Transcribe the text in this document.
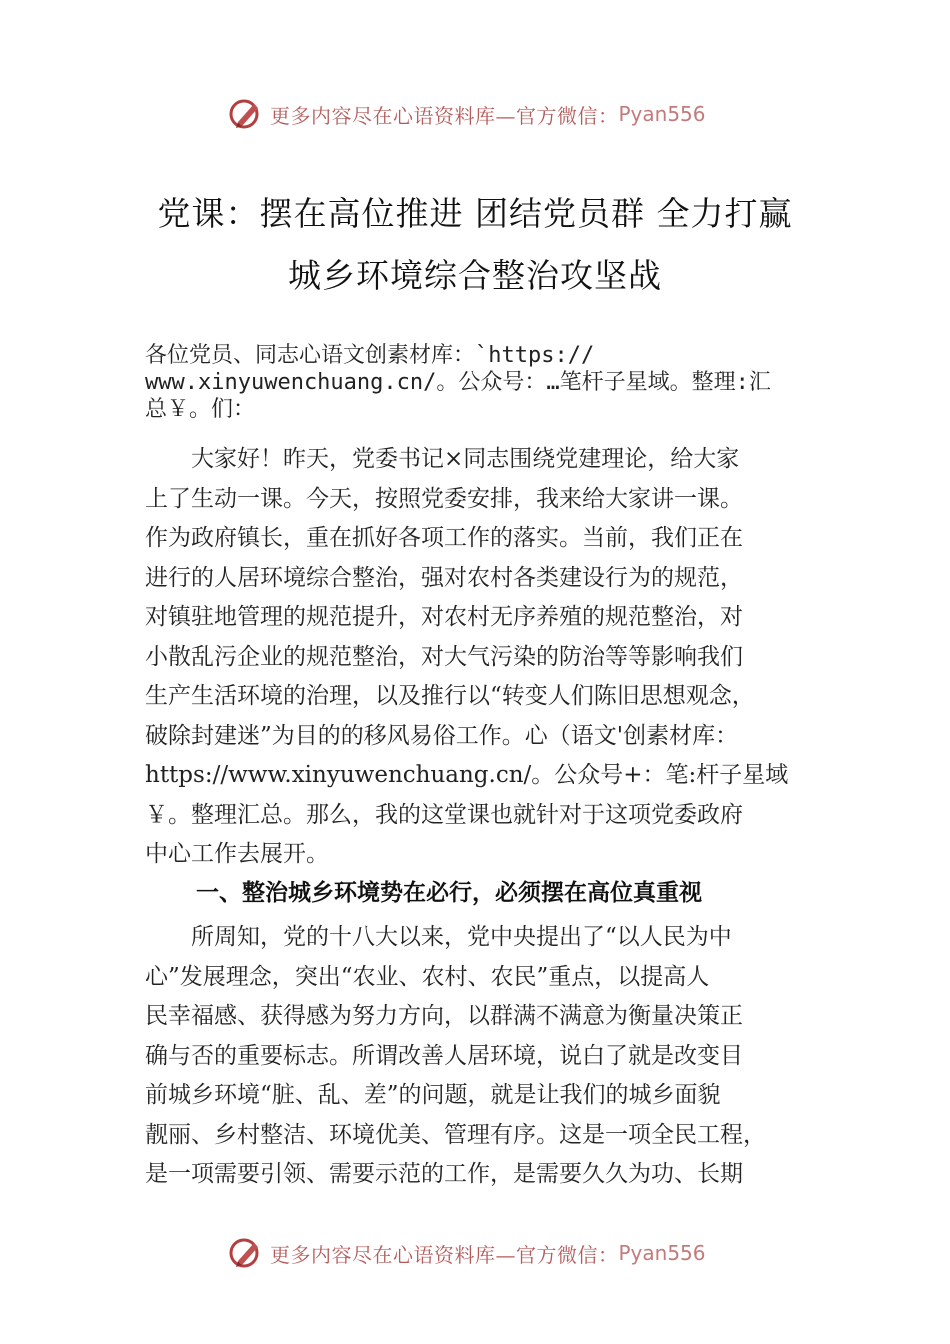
更多内容尽在心语资料库—官方微信： Pyan556
党课：摆在高位推进 团结党员群 全力打赢
城乡环境综合整治攻坚战
各位党员、同志心语文创素材库：`https://
www.xinyuwenchuang.cn/。公众号：…笔杆子星域。整理:汇
总￥。们：
　　大家好！昨天，党委书记×同志围绕党建理论，给大家
上了生动一课。今天，按照党委安排，我来给大家讲一课。
作为政府镇长，重在抓好各项工作的落实。当前，我们正在
进行的人居环境综合整治，强对农村各类建设行为的规范，
对镇驻地管理的规范提升，对农村无序养殖的规范整治，对
小散乱污企业的规范整治，对大气污染的防治等等影响我们
生产生活环境的治理，以及推行以“转变人们陈旧思想观念，
破除封建迷”为目的的移风易俗工作。心（语文'创素材库：
https://www.xinyuwenchuang.cn/。公众号+：笔:杆子星域
￥。整理汇总。那么，我的这堂课也就针对于这项党委政府
中心工作去展开。
一、整治城乡环境势在必行，必须摆在高位真重视
　　所周知，党的十八大以来，党中央提出了“以人民为中
心”发展理念，突出“农业、农村、农民”重点，以提高人
民幸福感、获得感为努力方向，以群满不满意为衡量决策正
确与否的重要标志。所谓改善人居环境，说白了就是改变目
前城乡环境“脏、乱、差”的问题，就是让我们的城乡面貌
靓丽、乡村整洁、环境优美、管理有序。这是一项全民工程，
是一项需要引领、需要示范的工作，是需要久久为功、长期
更多内容尽在心语资料库—官方微信： Pyan556
